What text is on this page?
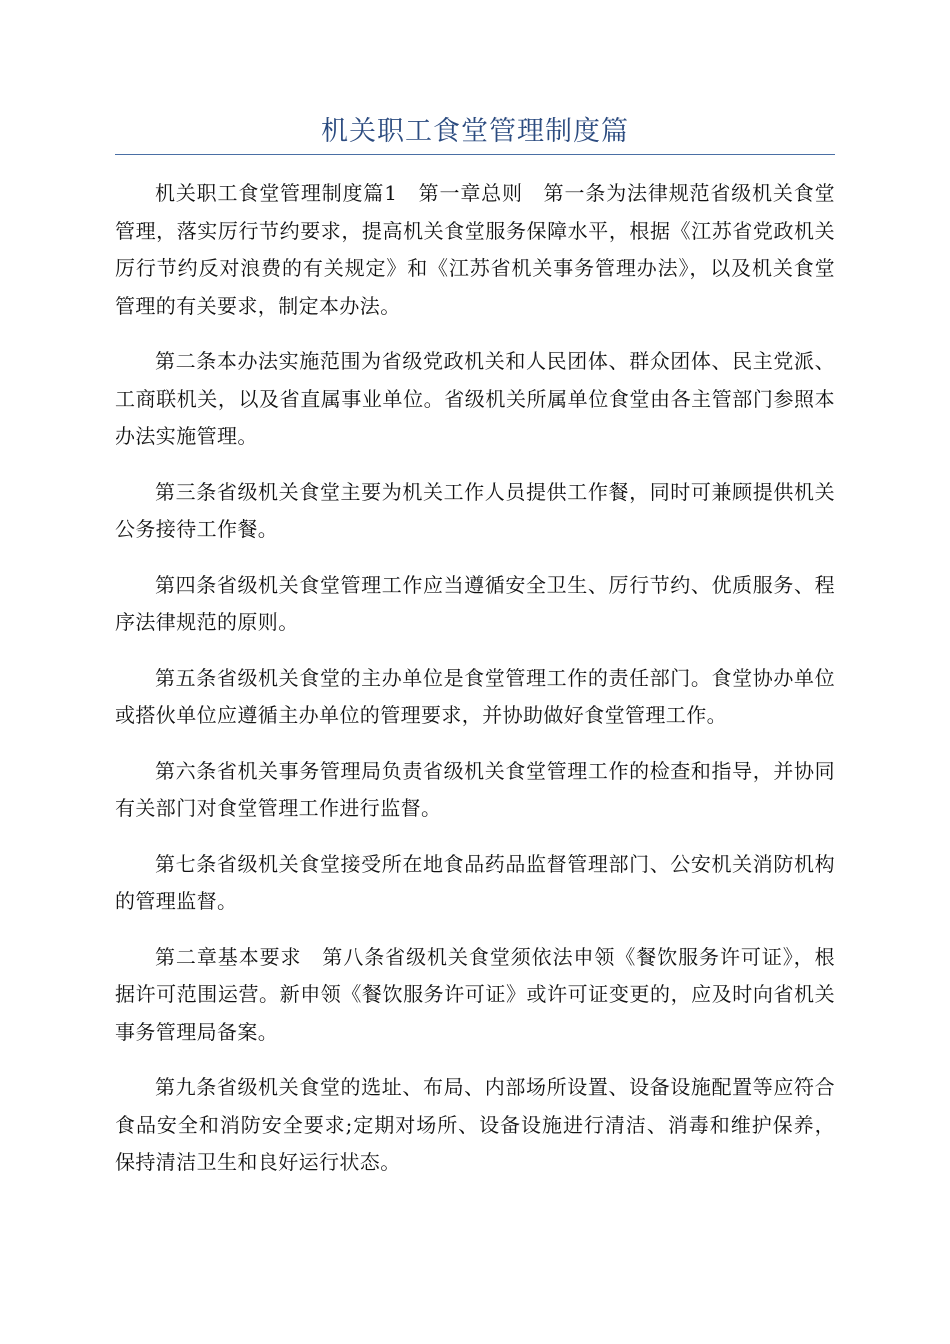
机关职工食堂管理制度篇

机关职工食堂管理制度篇1　第一章总则　第一条为法律规范省级机关食堂管理，落实厉行节约要求，提高机关食堂服务保障水平，根据《江苏省党政机关厉行节约反对浪费的有关规定》和《江苏省机关事务管理办法》，以及机关食堂管理的有关要求，制定本办法。

第二条本办法实施范围为省级党政机关和人民团体、群众团体、民主党派、工商联机关，以及省直属事业单位。省级机关所属单位食堂由各主管部门参照本办法实施管理。

第三条省级机关食堂主要为机关工作人员提供工作餐，同时可兼顾提供机关公务接待工作餐。

第四条省级机关食堂管理工作应当遵循安全卫生、厉行节约、优质服务、程序法律规范的原则。

第五条省级机关食堂的主办单位是食堂管理工作的责任部门。食堂协办单位或搭伙单位应遵循主办单位的管理要求，并协助做好食堂管理工作。

第六条省机关事务管理局负责省级机关食堂管理工作的检查和指导，并协同有关部门对食堂管理工作进行监督。

第七条省级机关食堂接受所在地食品药品监督管理部门、公安机关消防机构的管理监督。

第二章基本要求　第八条省级机关食堂须依法申领《餐饮服务许可证》，根据许可范围运营。新申领《餐饮服务许可证》或许可证变更的，应及时向省机关事务管理局备案。

第九条省级机关食堂的选址、布局、内部场所设置、设备设施配置等应符合食品安全和消防安全要求;定期对场所、设备设施进行清洁、消毒和维护保养，保持清洁卫生和良好运行状态。
